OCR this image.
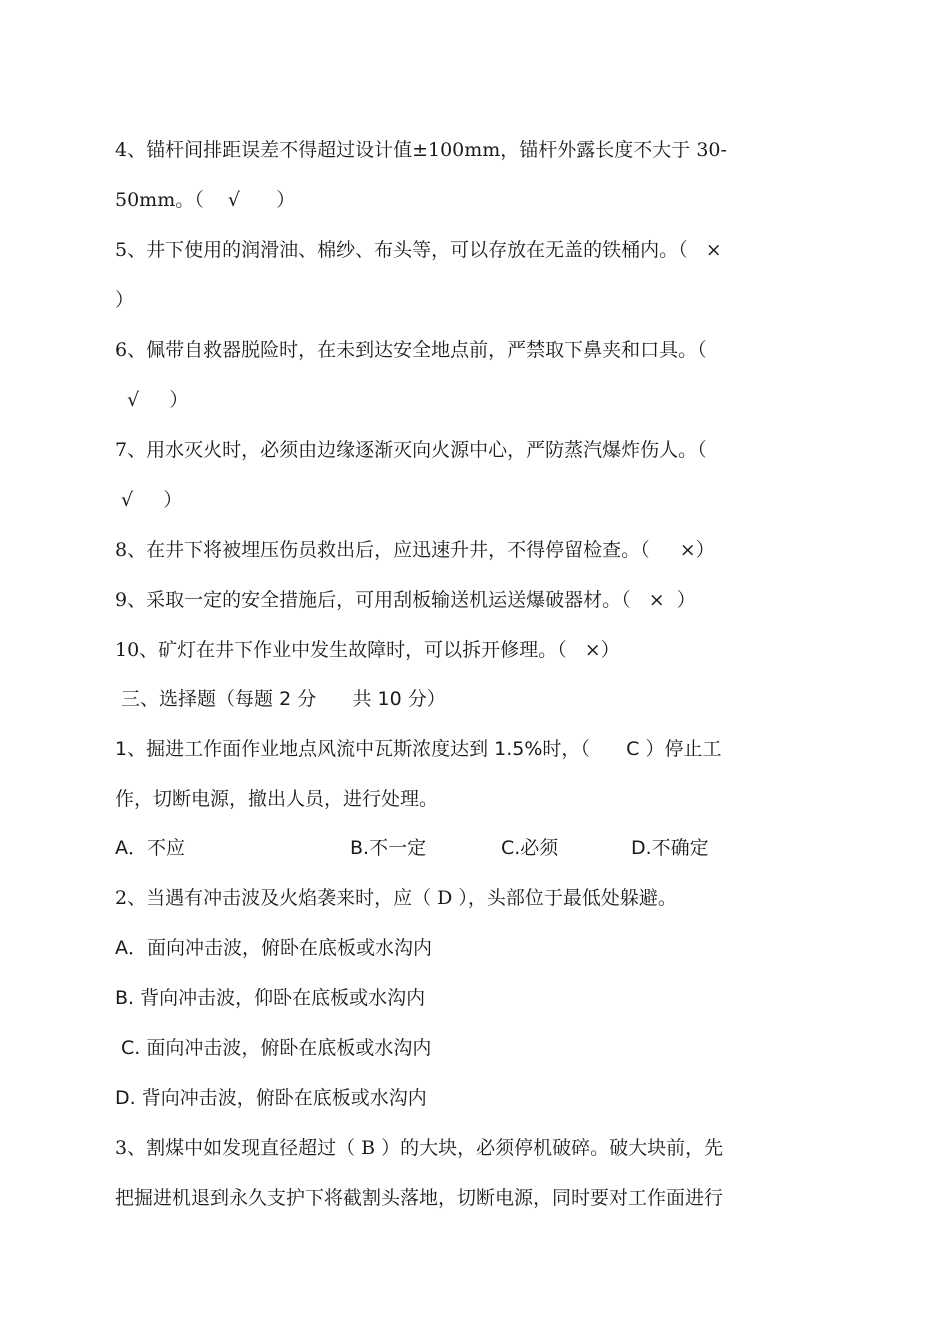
4、锚杆间排距误差不得超过设计值±100mm，锚杆外露长度不大于 30-
50mm。（    √      ）
5、井下使用的润滑油、棉纱、布头等，可以存放在无盖的铁桶内。（   ×
）
6、佩带自救器脱险时，在未到达安全地点前，严禁取下鼻夹和口具。（
√     ）
7、用水灭火时，必须由边缘逐渐灭向火源中心，严防蒸汽爆炸伤人。（
√     ）
8、在井下将被埋压伤员救出后，应迅速升井，不得停留检查。（     ×）
9、采取一定的安全措施后，可用刮板输送机运送爆破器材。（   ×  ）
10、矿灯在井下作业中发生故障时，可以拆开修理。（   ×）
三、选择题（每题 2 分      共 10 分）
1、掘进工作面作业地点风流中瓦斯浓度达到 1.5%时，（      C ）停止工
作，切断电源，撤出人员，进行处理。
A．不应	B.不一定	C.必须	D.不确定
2、当遇有冲击波及火焰袭来时，应（ D ），头部位于最低处躲避。
A．面向冲击波，俯卧在底板或水沟内
B. 背向冲击波，仰卧在底板或水沟内
C. 面向冲击波，俯卧在底板或水沟内
D. 背向冲击波，俯卧在底板或水沟内
3、割煤中如发现直径超过（ B ）的大块，必须停机破碎。破大块前，先
把掘进机退到永久支护下将截割头落地，切断电源，同时要对工作面进行
